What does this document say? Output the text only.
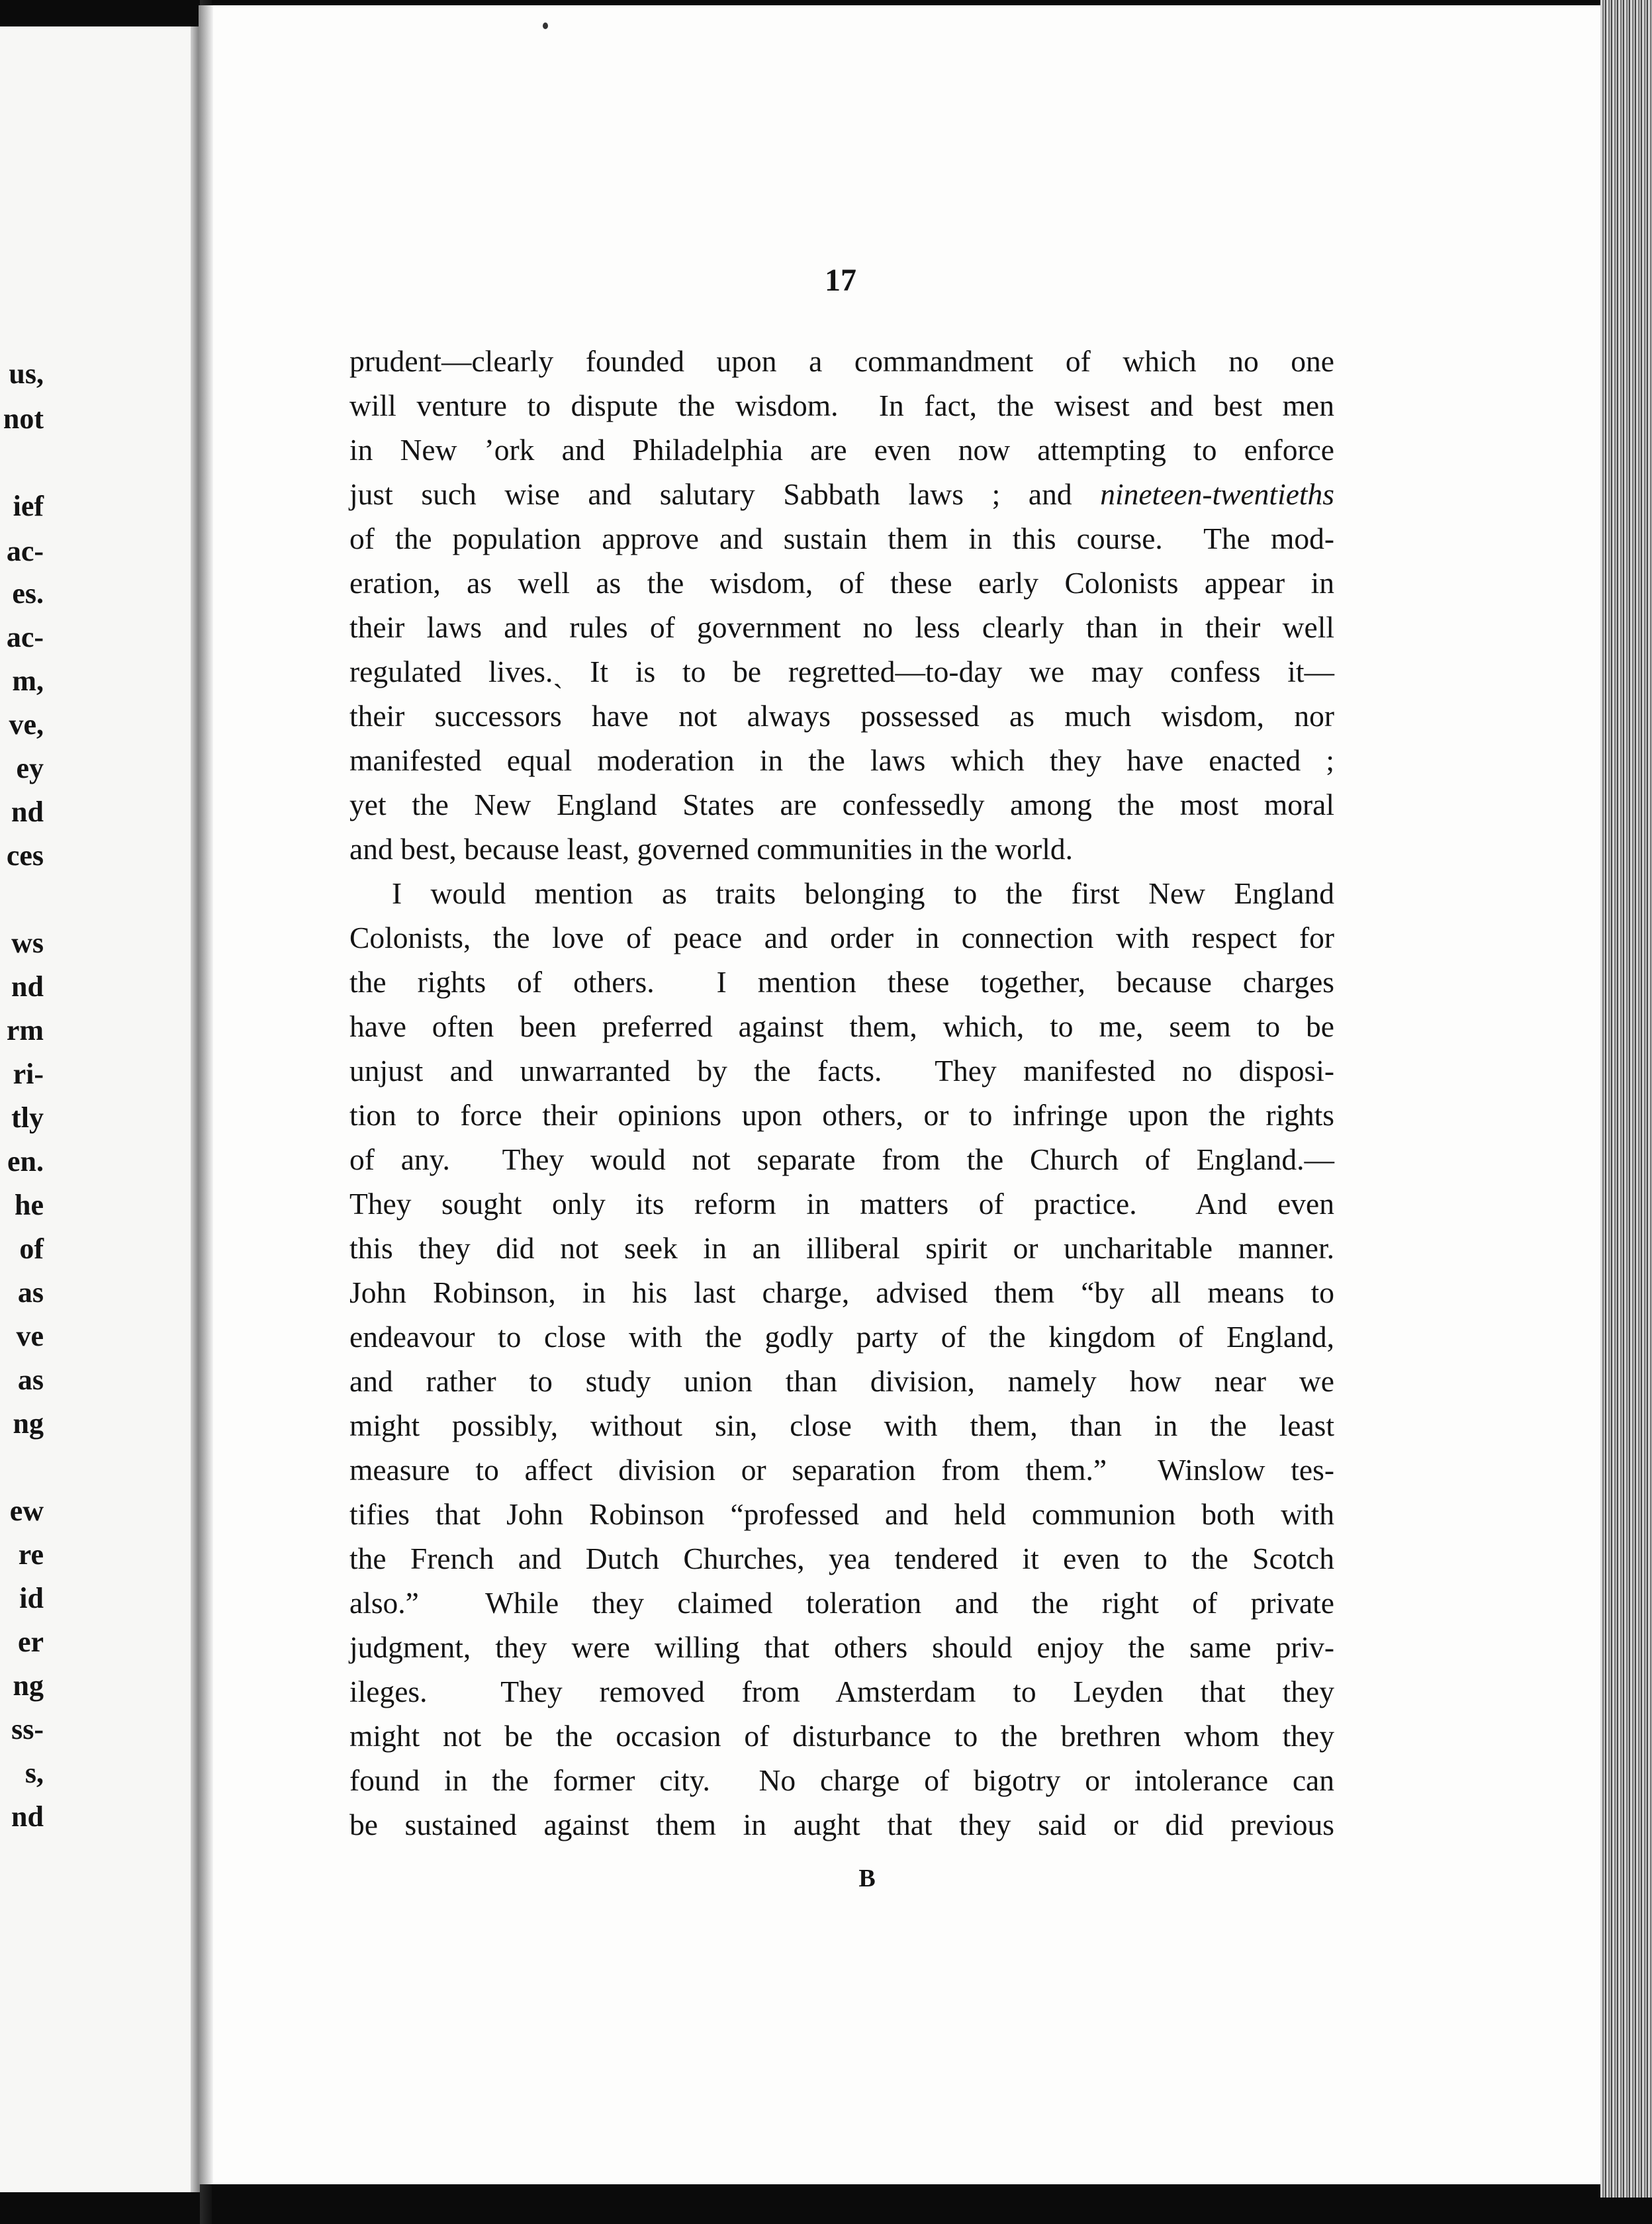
us,
not
ief
ac-
es.
ac-
m,
ve,
ey
nd
ces
ws
nd
rm
ri-
tly
en.
he
of
as
ve
as
ng
ew
re
id
er
ng
ss-
s,
nd
17
prudent—clearly founded upon a commandment of which no one
will venture to dispute the wisdom.  In fact, the wisest and best men
in New ʼork and Philadelphia are even now attempting to enforce
just such wise and salutary Sabbath laws ; and nineteen-twentieths
of the population approve and sustain them in this course.  The mod-
eration, as well as the wisdom, of these early Colonists appear in
their laws and rules of government no less clearly than in their well
regulated lives.ˎ It is to be regretted—to-day we may confess it—
their successors have not always possessed as much wisdom, nor
manifested equal moderation in the laws which they have enacted ;
yet the New England States are confessedly among the most moral
and best, because least, governed communities in the world.
I would mention as traits belonging to the first New England
Colonists, the love of peace and order in connection with respect for
the rights of others.  I mention these together, because charges
have often been preferred against them, which, to me, seem to be
unjust and unwarranted by the facts.  They manifested no disposi-
tion to force their opinions upon others, or to infringe upon the rights
of any.  They would not separate from the Church of England.—
They sought only its reform in matters of practice.  And even
this they did not seek in an illiberal spirit or uncharitable manner.
John Robinson, in his last charge, advised them “by all means to
endeavour to close with the godly party of the kingdom of England,
and rather to study union than division, namely how near we
might possibly, without sin, close with them, than in the least
measure to affect division or separation from them.”  Winslow tes-
tifies that John Robinson “professed and held communion both with
the French and Dutch Churches, yea tendered it even to the Scotch
also.”  While they claimed toleration and the right of private
judgment, they were willing that others should enjoy the same priv-
ileges.  They removed from Amsterdam to Leyden that they
might not be the occasion of disturbance to the brethren whom they
found in the former city.  No charge of bigotry or intolerance can
be sustained against them in aught that they said or did previous
B
